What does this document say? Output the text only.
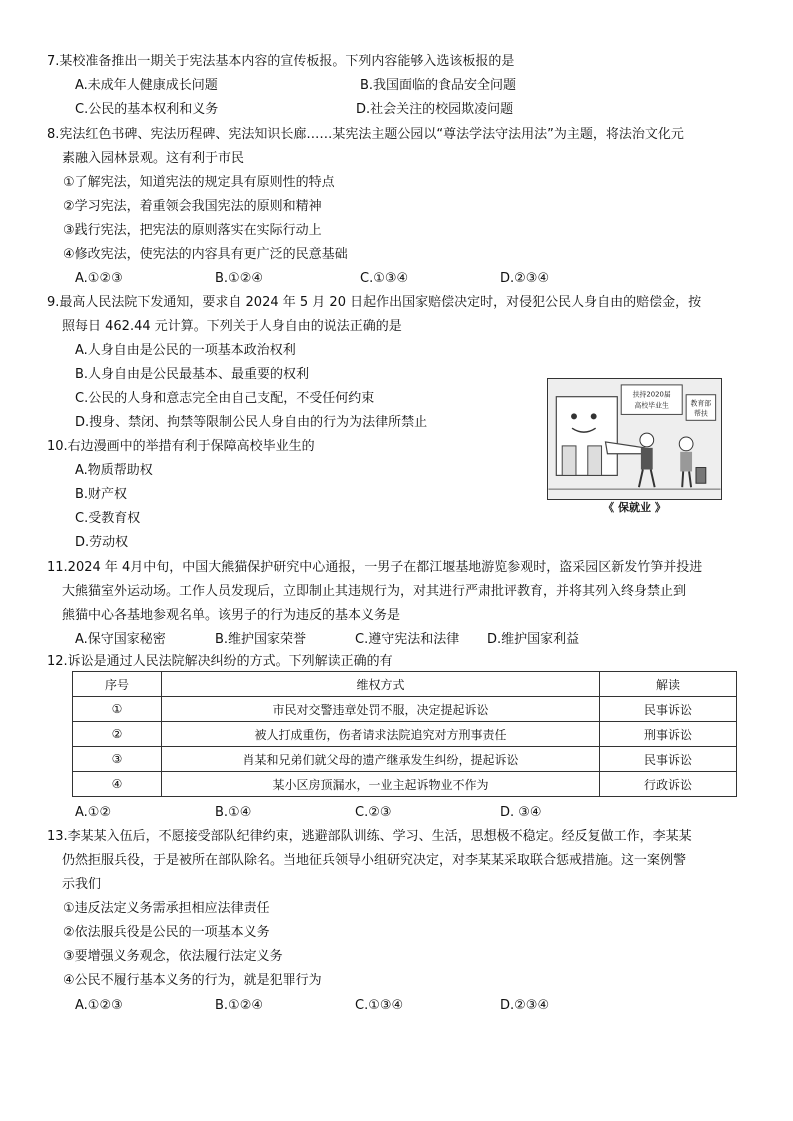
7.某校准备推出一期关于宪法基本内容的宣传板报。下列内容能够入选该板报的是
A.未成年人健康成长问题	B.我国面临的食品安全问题
C.公民的基本权利和义务	D.社会关注的校园欺凌问题
8.宪法红色书碑、宪法历程碑、宪法知识长廊……某宪法主题公园以“尊法学法守法用法”为主题，将法治文化元
素融入园林景观。这有利于市民
①了解宪法，知道宪法的规定具有原则性的特点
②学习宪法，着重领会我国宪法的原则和精神
③践行宪法，把宪法的原则落实在实际行动上
④修改宪法，使宪法的内容具有更广泛的民意基础
A.①②③	B.①②④	C.①③④	D.②③④
9.最高人民法院下发通知，要求自 2024 年 5 月 20 日起作出国家赔偿决定时，对侵犯公民人身自由的赔偿金，按
照每日 462.44 元计算。下列关于人身自由的说法正确的是
A.人身自由是公民的一项基本政治权利
B.人身自由是公民最基本、最重要的权利
C.公民的人身和意志完全由自己支配，不受任何约束
D.搜身、禁闭、拘禁等限制公民人身自由的行为为法律所禁止
10.右边漫画中的举措有利于保障高校毕业生的
A.物质帮助权
B.财产权
C.受教育权
D.劳动权
扶持2020届
高校毕业生	教育部
帮扶
《 保就业 》
11.2024 年 4月中旬，中国大熊猫保护研究中心通报，一男子在都江堰基地游览参观时，盗采园区新发竹笋并投进
大熊猫室外运动场。工作人员发现后，立即制止其违规行为，对其进行严肃批评教育，并将其列入终身禁止到
熊猫中心各基地参观名单。该男子的行为违反的基本义务是
A.保守国家秘密	B.维护国家荣誉	C.遵守宪法和法律 D.维护国家利益
12.诉讼是通过人民法院解决纠纷的方式。下列解读正确的有
序号	维权方式	解读
①	市民对交警违章处罚不服，决定提起诉讼	民事诉讼
②	被人打成重伤，伤者请求法院追究对方刑事责任	刑事诉讼
③	肖某和兄弟们就父母的遗产继承发生纠纷，提起诉讼	民事诉讼
④	某小区房顶漏水，一业主起诉物业不作为	行政诉讼
A.①②	B.①④	C.②③	D. ③④
13.李某某入伍后，不愿接受部队纪律约束，逃避部队训练、学习、生活，思想极不稳定。经反复做工作，李某某
仍然拒服兵役，于是被所在部队除名。当地征兵领导小组研究决定，对李某某采取联合惩戒措施。这一案例警
示我们
①违反法定义务需承担相应法律责任
②依法服兵役是公民的一项基本义务
③要增强义务观念，依法履行法定义务
④公民不履行基本义务的行为，就是犯罪行为
A.①②③	B.①②④	C.①③④	D.②③④
